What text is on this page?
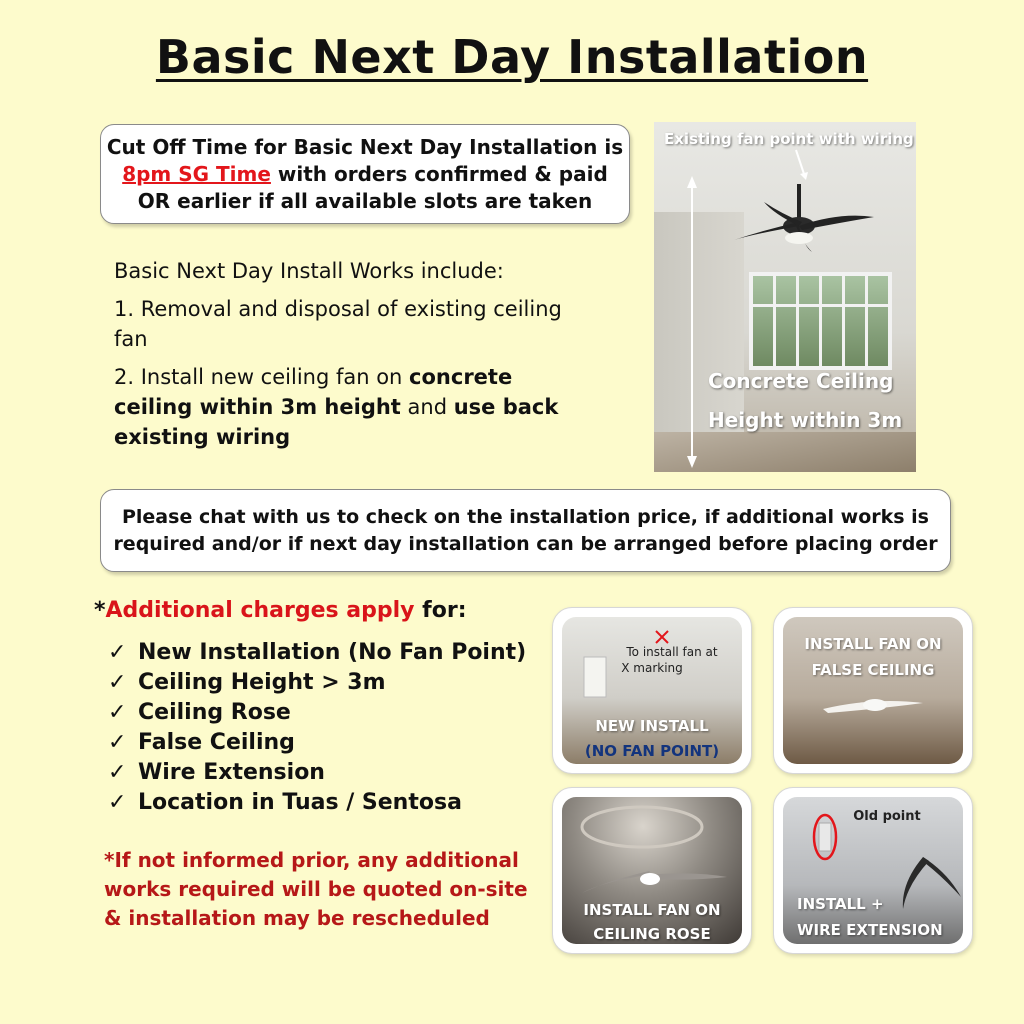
Basic Next Day Installation
Cut Off Time for Basic Next Day Installation is
8pm SG Time with orders confirmed & paid
OR earlier if all available slots are taken

Basic Next Day Install Works include:

1. Removal and disposal of existing ceiling fan

2. Install new ceiling fan on concrete ceiling within 3m height and use back existing wiring

Existing fan point with wiring
Concrete Ceiling
Height within 3m
Please chat with us to check on the installation price, if additional works is
required and/or if next day installation can be arranged before placing order
*Additional charges apply for:
✓ New Installation (No Fan Point)
✓ Ceiling Height > 3m
✓ Ceiling Rose
✓ False Ceiling
✓ Wire Extension
✓ Location in Tuas / Sentosa
*If not informed prior, any additional works required will be quoted on-site & installation may be rescheduled
To install fan at
X marking
NEW INSTALL
(NO FAN POINT)
INSTALL FAN ON
FALSE CEILING
INSTALL FAN ON
CEILING ROSE
Old point
INSTALL +
WIRE EXTENSION
